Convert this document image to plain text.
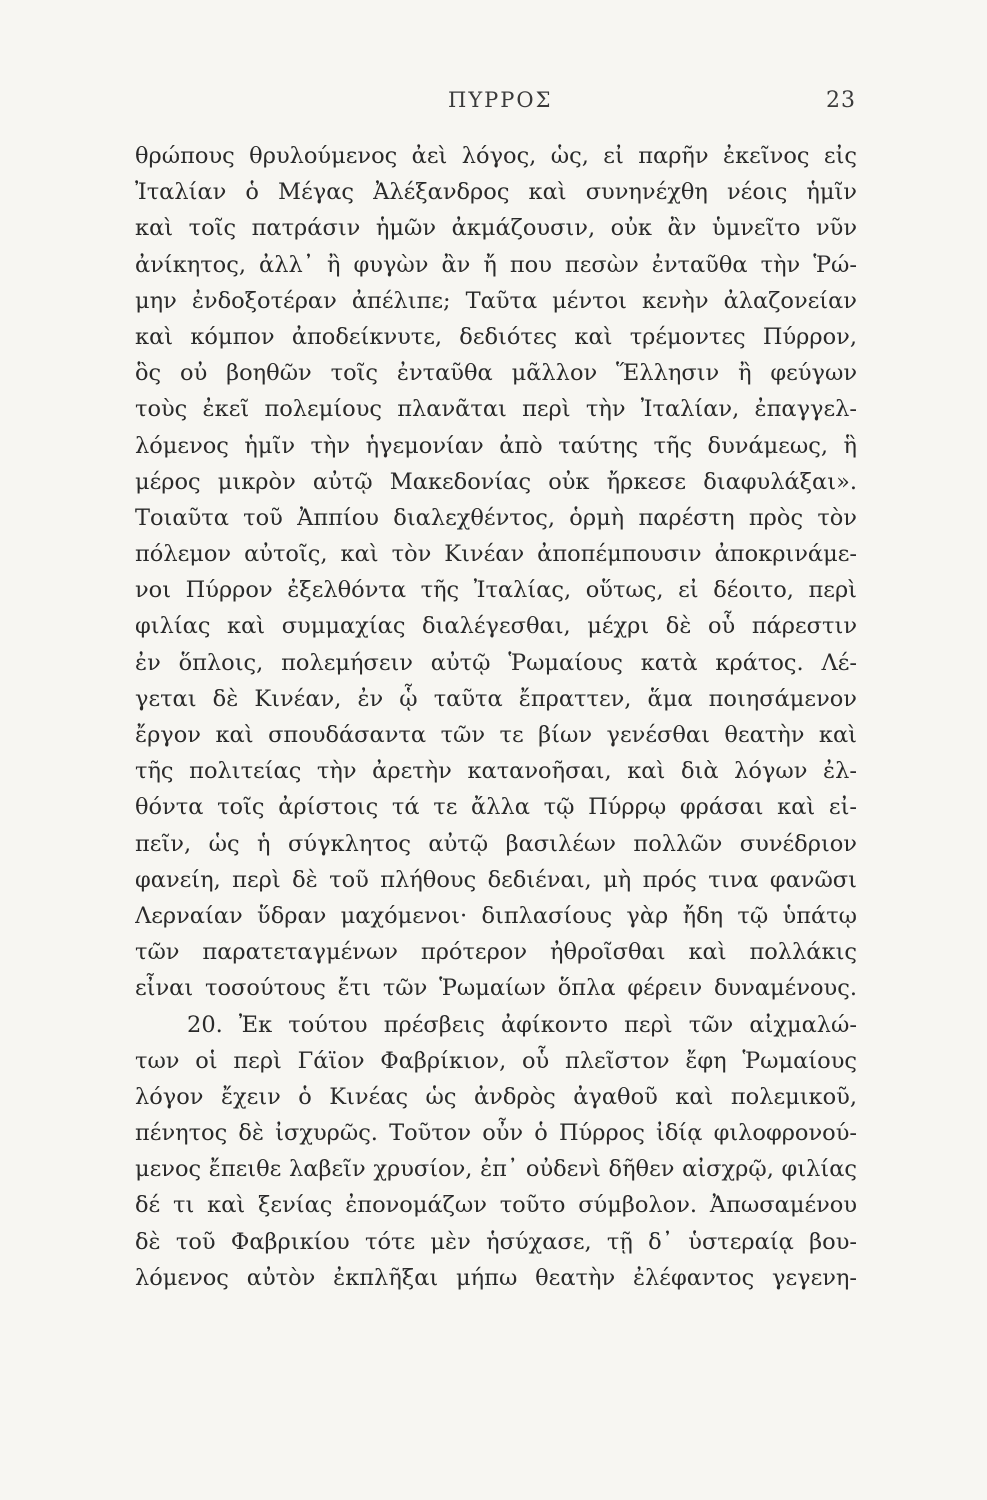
ΠΥΡΡΟΣ	23
θρώπους θρυλούμενος ἀεὶ λόγος, ὡς, εἰ παρῆν ἐκεῖνος εἰς
Ἰταλίαν ὁ Μέγας Ἀλέξανδρος καὶ συνηνέχθη νέοις ἡμῖν
καὶ τοῖς πατράσιν ἡμῶν ἀκμάζουσιν, οὐκ ἂν ὑμνεῖτο νῦν
ἀνίκητος, ἀλλ᾽ ἢ φυγὼν ἂν ἤ που πεσὼν ἐνταῦθα τὴν Ῥώ-
μην ἐνδοξοτέραν ἀπέλιπε; Ταῦτα μέντοι κενὴν ἀλαζονείαν
καὶ κόμπον ἀποδείκνυτε, δεδιότες καὶ τρέμοντες Πύρρον,
ὃς οὐ βοηθῶν τοῖς ἐνταῦθα μᾶλλον Ἕλλησιν ἢ φεύγων
τοὺς ἐκεῖ πολεμίους πλανᾶται περὶ τὴν Ἰταλίαν, ἐπαγγελ-
λόμενος ἡμῖν τὴν ἡγεμονίαν ἀπὸ ταύτης τῆς δυνάμεως, ἣ
μέρος μικρὸν αὐτῷ Μακεδονίας οὐκ ἤρκεσε διαφυλάξαι».
Τοιαῦτα τοῦ Ἀππίου διαλεχθέντος, ὁρμὴ παρέστη πρὸς τὸν
πόλεμον αὐτοῖς, καὶ τὸν Κινέαν ἀποπέμπουσιν ἀποκρινάμε-
νοι Πύρρον ἐξελθόντα τῆς Ἰταλίας, οὕτως, εἰ δέοιτο, περὶ
φιλίας καὶ συμμαχίας διαλέγεσθαι, μέχρι δὲ οὗ πάρεστιν
ἐν ὅπλοις, πολεμήσειν αὐτῷ Ῥωμαίους κατὰ κράτος. Λέ-
γεται δὲ Κινέαν, ἐν ᾧ ταῦτα ἔπραττεν, ἅμα ποιησάμενον
ἔργον καὶ σπουδάσαντα τῶν τε βίων γενέσθαι θεατὴν καὶ
τῆς πολιτείας τὴν ἀρετὴν κατανοῆσαι, καὶ διὰ λόγων ἐλ-
θόντα τοῖς ἀρίστοις τά τε ἄλλα τῷ Πύρρῳ φράσαι καὶ εἰ-
πεῖν, ὡς ἡ σύγκλητος αὐτῷ βασιλέων πολλῶν συνέδριον
φανείη, περὶ δὲ τοῦ πλήθους δεδιέναι, μὴ πρός τινα φανῶσι
Λερναίαν ὕδραν μαχόμενοι· διπλασίους γὰρ ἤδη τῷ ὑπάτῳ
τῶν παρατεταγμένων πρότερον ἠθροῖσθαι καὶ πολλάκις
εἶναι τοσούτους ἔτι τῶν Ῥωμαίων ὅπλα φέρειν δυναμένους.
20. Ἐκ τούτου πρέσβεις ἀφίκοντο περὶ τῶν αἰχμαλώ-
των οἱ περὶ Γάϊον Φαβρίκιον, οὗ πλεῖστον ἔφη Ῥωμαίους
λόγον ἔχειν ὁ Κινέας ὡς ἀνδρὸς ἀγαθοῦ καὶ πολεμικοῦ,
πένητος δὲ ἰσχυρῶς. Τοῦτον οὖν ὁ Πύρρος ἰδίᾳ φιλοφρονού-
μενος ἔπειθε λαβεῖν χρυσίον, ἐπ᾽ οὐδενὶ δῆθεν αἰσχρῷ, φιλίας
δέ τι καὶ ξενίας ἐπονομάζων τοῦτο σύμβολον. Ἀπωσαμένου
δὲ τοῦ Φαβρικίου τότε μὲν ἡσύχασε, τῇ δ᾽ ὑστεραίᾳ βου-
λόμενος αὐτὸν ἐκπλῆξαι μήπω θεατὴν ἐλέφαντος γεγενη-
